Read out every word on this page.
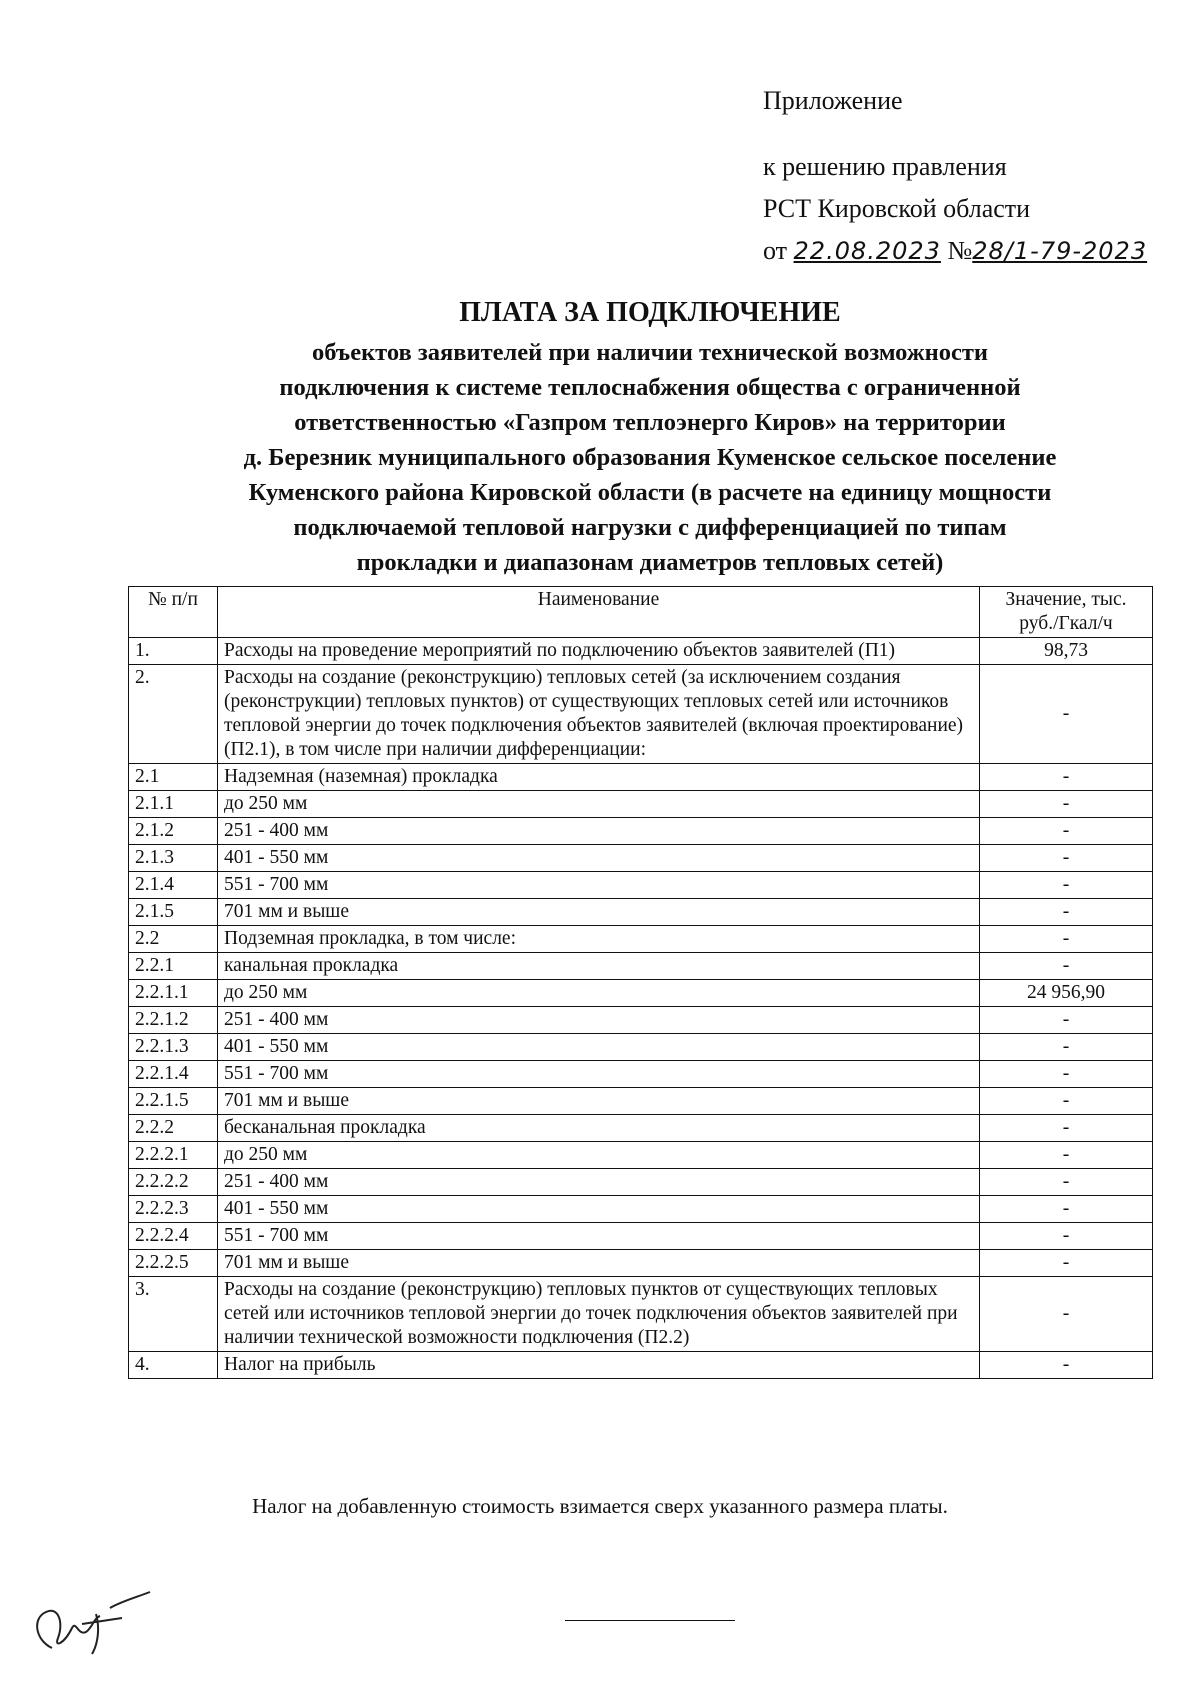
Приложение
к решению правления
РСТ Кировской области
от 22.08.2023 №28/1-79-2023
ПЛАТА ЗА ПОДКЛЮЧЕНИЕ
объектов заявителей при наличии технической возможности
подключения к системе теплоснабжения общества с ограниченной
ответственностью «Газпром теплоэнерго Киров» на территории
д. Березник муниципального образования Куменское сельское поселение
Куменского района Кировской области (в расчете на единицу мощности
подключаемой тепловой нагрузки с дифференциацией по типам
прокладки и диапазонам диаметров тепловых сетей)
№ п/п	Наименование	Значение, тыс. руб./Гкал/ч
1.	Расходы на проведение мероприятий по подключению объектов заявителей (П1)	98,73
2.	Расходы на создание (реконструкцию) тепловых сетей (за исключением создания (реконструкции) тепловых пунктов) от существующих тепловых сетей или источников тепловой энергии до точек подключения объектов заявителей (включая проектирование) (П2.1), в том числе при наличии дифференциации:	-
2.1	Надземная (наземная) прокладка	-
2.1.1	до 250 мм	-
2.1.2	251 - 400 мм	-
2.1.3	401 - 550 мм	-
2.1.4	551 - 700 мм	-
2.1.5	701 мм и выше	-
2.2	Подземная прокладка, в том числе:	-
2.2.1	канальная прокладка	-
2.2.1.1	до 250 мм	24 956,90
2.2.1.2	251 - 400 мм	-
2.2.1.3	401 - 550 мм	-
2.2.1.4	551 - 700 мм	-
2.2.1.5	701 мм и выше	-
2.2.2	бесканальная прокладка	-
2.2.2.1	до 250 мм	-
2.2.2.2	251 - 400 мм	-
2.2.2.3	401 - 550 мм	-
2.2.2.4	551 - 700 мм	-
2.2.2.5	701 мм и выше	-
3.	Расходы на создание (реконструкцию) тепловых пунктов от существующих тепловых сетей или источников тепловой энергии до точек подключения объектов заявителей при наличии технической возможности подключения (П2.2)	-
4.	Налог на прибыль	-
Налог на добавленную стоимость взимается сверх указанного размера платы.
